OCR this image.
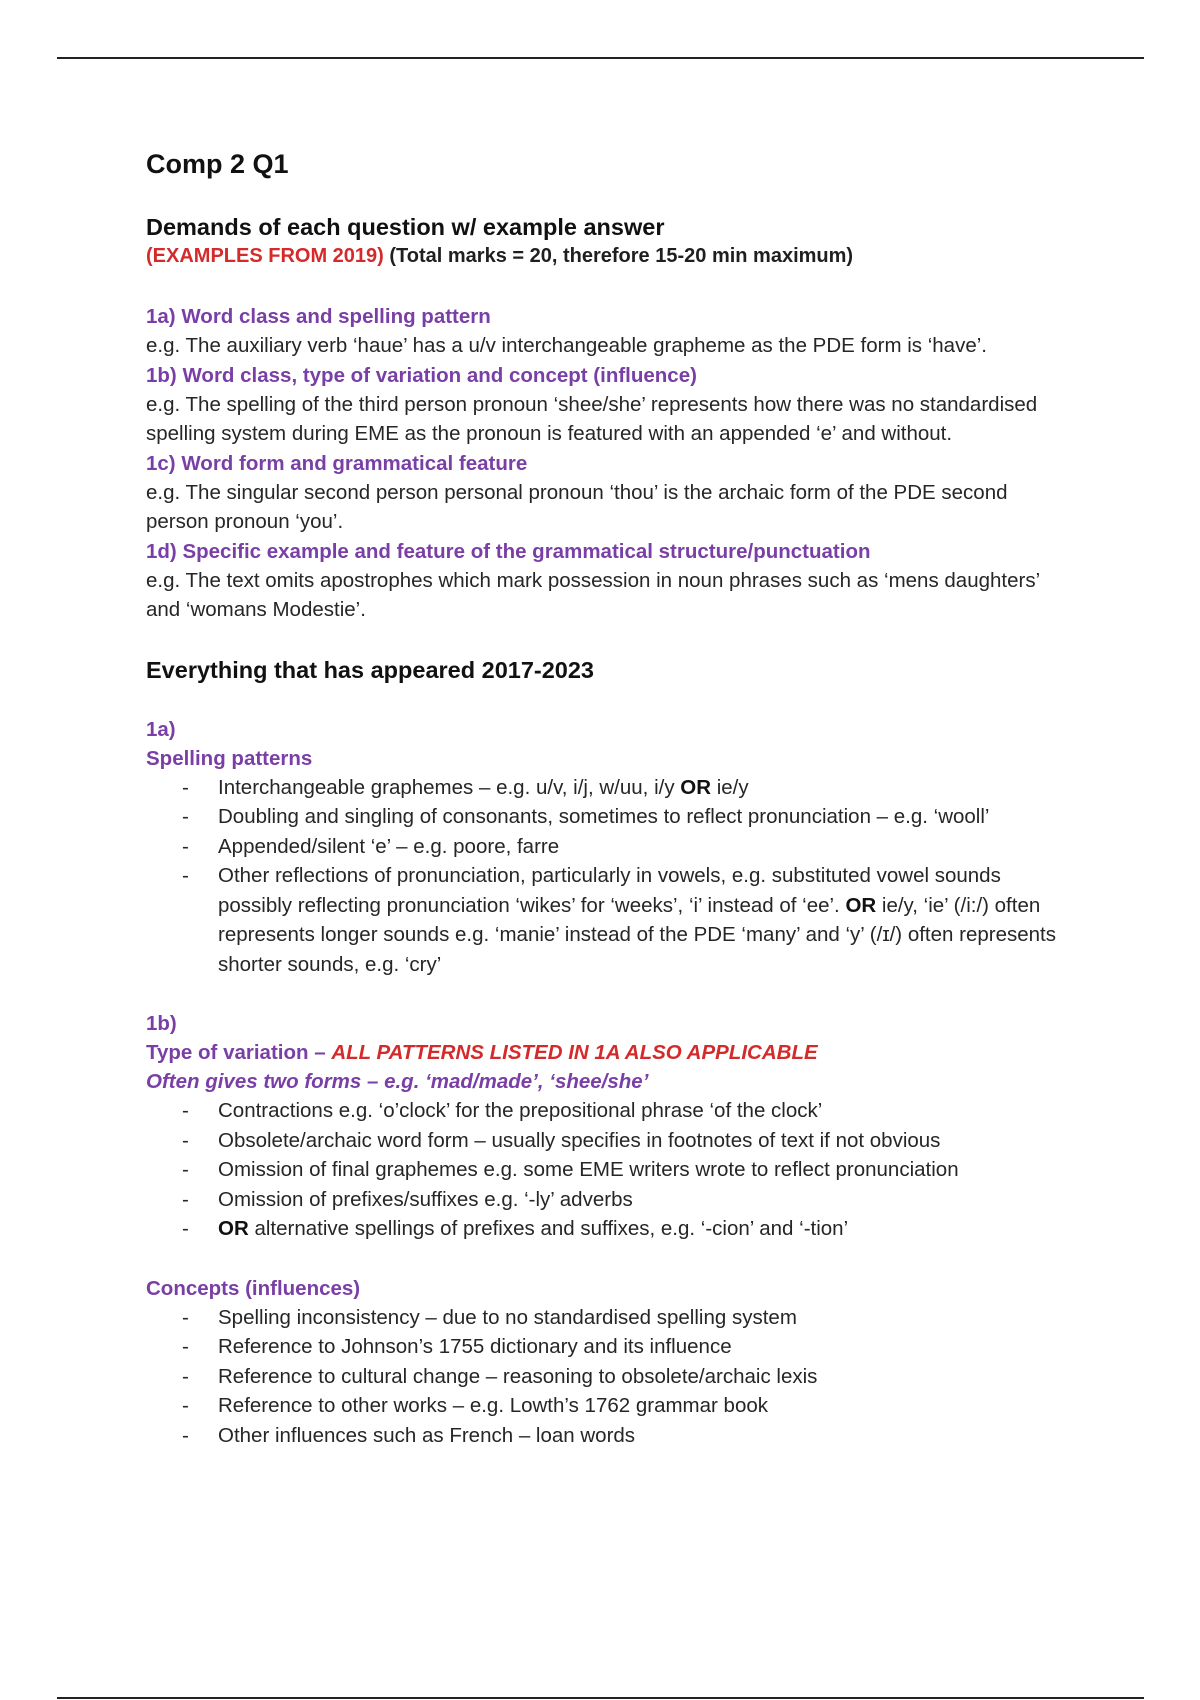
Comp 2 Q1
Demands of each question w/ example answer
(EXAMPLES FROM 2019) (Total marks = 20, therefore 15-20 min maximum)
1a) Word class and spelling pattern
e.g. The auxiliary verb ‘haue’ has a u/v interchangeable grapheme as the PDE form is ‘have’.
1b) Word class, type of variation and concept (influence)
e.g. The spelling of the third person pronoun ‘shee/she’ represents how there was no standardised spelling system during EME as the pronoun is featured with an appended ‘e’ and without.
1c) Word form and grammatical feature
e.g. The singular second person personal pronoun ‘thou’ is the archaic form of the PDE second person pronoun ‘you’.
1d) Specific example and feature of the grammatical structure/punctuation
e.g. The text omits apostrophes which mark possession in noun phrases such as ‘mens daughters’ and ‘womans Modestie’.
Everything that has appeared 2017-2023
1a)
Spelling patterns
- Interchangeable graphemes – e.g. u/v, i/j, w/uu, i/y OR ie/y
- Doubling and singling of consonants, sometimes to reflect pronunciation – e.g. ‘wooll’
- Appended/silent ‘e’ – e.g. poore, farre
- Other reflections of pronunciation, particularly in vowels, e.g. substituted vowel sounds possibly reflecting pronunciation ‘wikes’ for ‘weeks’, ‘i’ instead of ‘ee’. OR ie/y, ‘ie’ (/i:/) often represents longer sounds e.g. ‘manie’ instead of the PDE ‘many’ and ‘y’ (/ɪ/) often represents shorter sounds, e.g. ‘cry’
1b)
Type of variation – ALL PATTERNS LISTED IN 1A ALSO APPLICABLE
Often gives two forms – e.g. ‘mad/made’, ‘shee/she’
- Contractions e.g. ‘o’clock’ for the prepositional phrase ‘of the clock’
- Obsolete/archaic word form – usually specifies in footnotes of text if not obvious
- Omission of final graphemes e.g. some EME writers wrote to reflect pronunciation
- Omission of prefixes/suffixes e.g. ‘-ly’ adverbs
- OR alternative spellings of prefixes and suffixes, e.g. ‘-cion’ and ‘-tion’
Concepts (influences)
- Spelling inconsistency – due to no standardised spelling system
- Reference to Johnson’s 1755 dictionary and its influence
- Reference to cultural change – reasoning to obsolete/archaic lexis
- Reference to other works – e.g. Lowth’s 1762 grammar book
- Other influences such as French – loan words
